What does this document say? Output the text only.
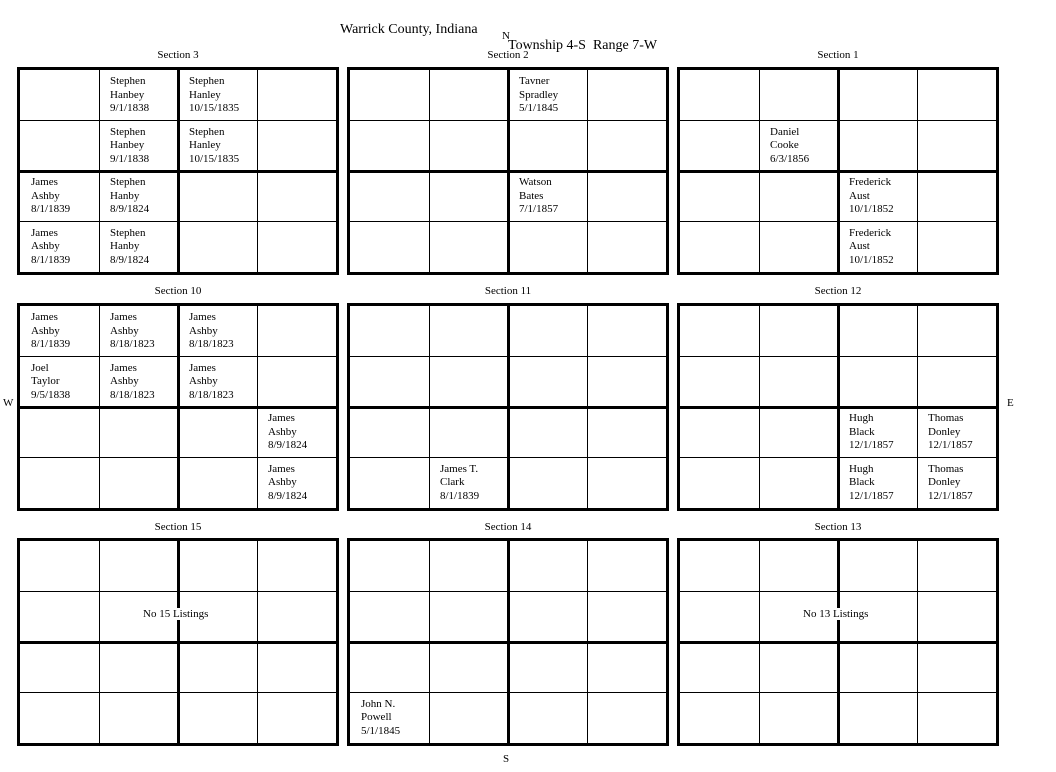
Warrick County, Indiana

Township 4-S  Range 7-W

N
S
W	E
Section 3
Stephen
Hanbey
9/1/1838
Stephen
Hanley
10/15/1835
Stephen
Hanbey
9/1/1838
Stephen
Hanley
10/15/1835
James
Ashby
8/1/1839
Stephen
Hanby
8/9/1824
James
Ashby
8/1/1839
Stephen
Hanby
8/9/1824
Section 2
Tavner
Spradley
5/1/1845
Watson
Bates
7/1/1857
Section 1
Daniel
Cooke
6/3/1856
Frederick
Aust
10/1/1852
Frederick
Aust
10/1/1852
Section 10
James
Ashby
8/1/1839
James
Ashby
8/18/1823
James
Ashby
8/18/1823
Joel
Taylor
9/5/1838
James
Ashby
8/18/1823
James
Ashby
8/18/1823
James
Ashby
8/9/1824
James
Ashby
8/9/1824
Section 11
James T.
Clark
8/1/1839
Section 12
Hugh
Black
12/1/1857
Thomas
Donley
12/1/1857
Hugh
Black
12/1/1857
Thomas
Donley
12/1/1857
Section 15
No 15 Listings
Section 14
John N.
Powell
5/1/1845
Section 13
No 13 Listings
